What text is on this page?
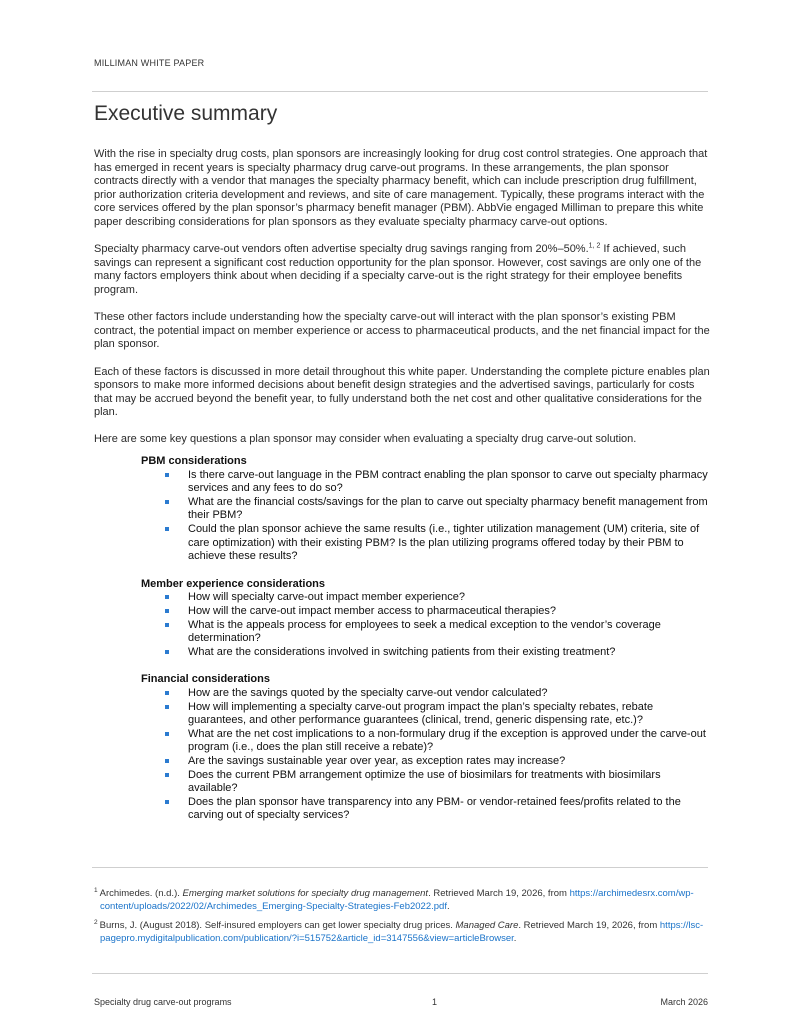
MILLIMAN WHITE PAPER
Executive summary

With the rise in specialty drug costs, plan sponsors are increasingly looking for drug cost control strategies. One approach that has emerged in recent years is specialty pharmacy drug carve-out programs. In these arrangements, the plan sponsor contracts directly with a vendor that manages the specialty pharmacy benefit, which can include prescription drug fulfillment, prior authorization criteria development and reviews, and site of care management. Typically, these programs interact with the core services offered by the plan sponsor’s pharmacy benefit manager (PBM). AbbVie engaged Milliman to prepare this white paper describing considerations for plan sponsors as they evaluate specialty pharmacy carve-out options.

Specialty pharmacy carve-out vendors often advertise specialty drug savings ranging from 20%–50%.$^{1, 2}$ If achieved, such savings can represent a significant cost reduction opportunity for the plan sponsor. However, cost savings are only one of the many factors employers think about when deciding if a specialty carve-out is the right strategy for their employee benefits program.

These other factors include understanding how the specialty carve-out will interact with the plan sponsor’s existing PBM contract, the potential impact on member experience or access to pharmaceutical products, and the net financial impact for the plan sponsor.

Each of these factors is discussed in more detail throughout this white paper. Understanding the complete picture enables plan sponsors to make more informed decisions about benefit design strategies and the advertised savings, particularly for costs that may be accrued beyond the benefit year, to fully understand both the net cost and other qualitative considerations for the plan.

Here are some key questions a plan sponsor may consider when evaluating a specialty drug carve-out solution.

PBM considerations
Is there carve-out language in the PBM contract enabling the plan sponsor to carve out specialty pharmacy services and any fees to do so?
What are the financial costs/savings for the plan to carve out specialty pharmacy benefit management from their PBM?
Could the plan sponsor achieve the same results (i.e., tighter utilization management (UM) criteria, site of care optimization) with their existing PBM? Is the plan utilizing programs offered today by their PBM to achieve these results?
Member experience considerations
How will specialty carve-out impact member experience?
How will the carve-out impact member access to pharmaceutical therapies?
What is the appeals process for employees to seek a medical exception to the vendor’s coverage determination?
What are the considerations involved in switching patients from their existing treatment?
Financial considerations
How are the savings quoted by the specialty carve-out vendor calculated?
How will implementing a specialty carve-out program impact the plan’s specialty rebates, rebate guarantees, and other performance guarantees (clinical, trend, generic dispensing rate, etc.)?
What are the net cost implications to a non-formulary drug if the exception is approved under the carve-out program (i.e., does the plan still receive a rebate)?
Are the savings sustainable year over year, as exception rates may increase?
Does the current PBM arrangement optimize the use of biosimilars for treatments with biosimilars available?
Does the plan sponsor have transparency into any PBM- or vendor-retained fees/profits related to the carving out of specialty services?
$^1$ Archimedes. (n.d.). Emerging market solutions for specialty drug management. Retrieved March 19, 2026, from https://archimedesrx.com/wp-content/uploads/2022/02/Archimedes_Emerging-Specialty-Strategies-Feb2022.pdf.
$^2$ Burns, J. (August 2018). Self-insured employers can get lower specialty drug prices. Managed Care. Retrieved March 19, 2026, from https://lsc-pagepro.mydigitalpublication.com/publication/?i=515752&article_id=3147556&view=articleBrowser.
Specialty drug carve-out programs	1	March 2026
